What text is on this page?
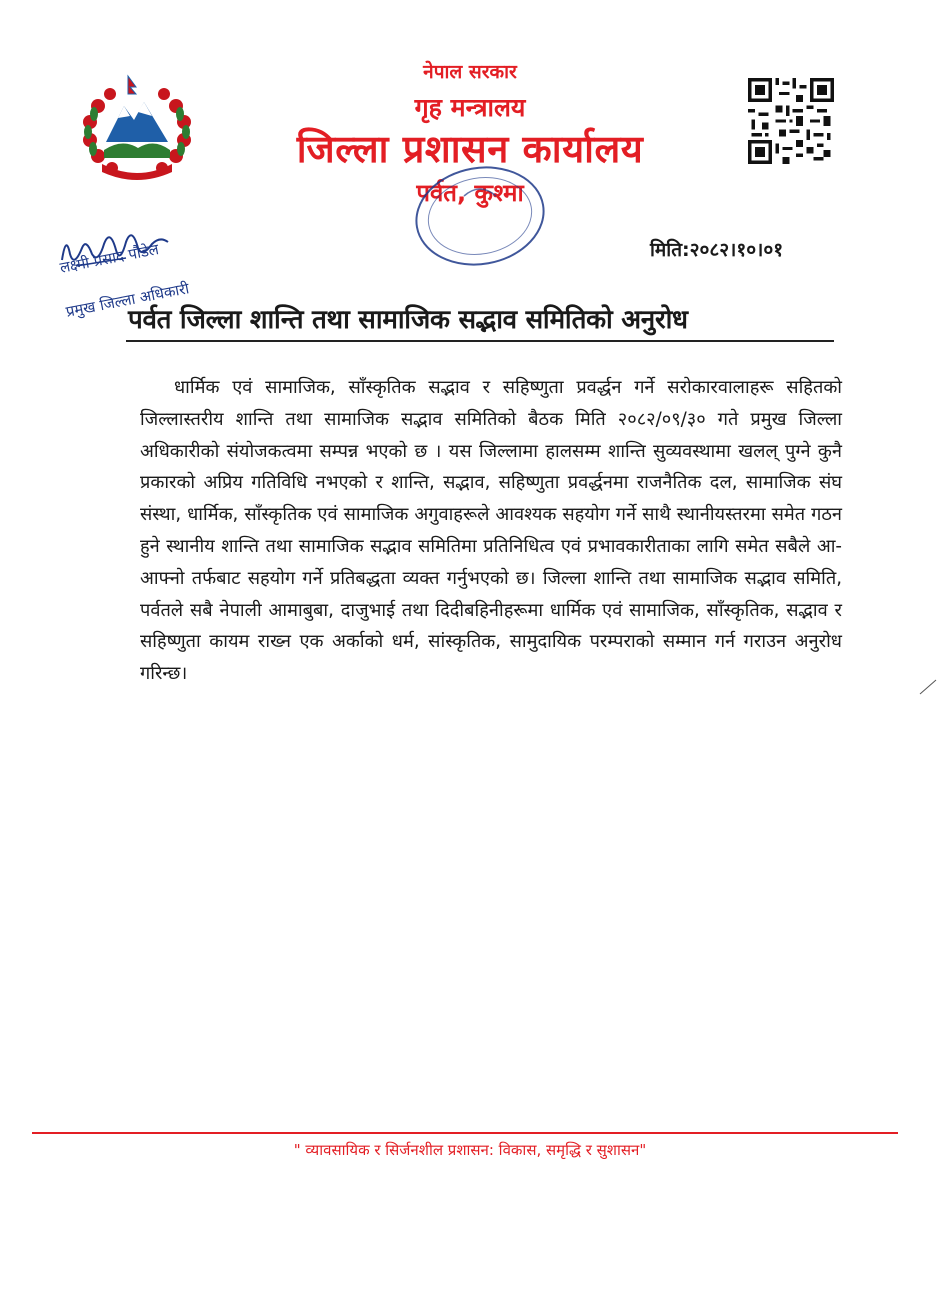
नेपाल सरकार
गृह मन्त्रालय
जिल्ला प्रशासन कार्यालय
पर्वत, कुश्मा
लक्ष्मी प्रसाद पौडेल
प्रमुख जिल्ला अधिकारी
मिति:२०८२।१०।०१
पर्वत जिल्ला शान्ति तथा सामाजिक सद्भाव समितिको अनुरोध

धार्मिक एवं सामाजिक, साँस्कृतिक सद्भाव र सहिष्णुता प्रवर्द्धन गर्ने सरोकारवालाहरू सहितको जिल्लास्तरीय शान्ति तथा सामाजिक सद्भाव समितिको बैठक मिति २०८२/०९/३० गते प्रमुख जिल्ला अधिकारीको संयोजकत्वमा सम्पन्न भएको छ । यस जिल्लामा हालसम्म शान्ति सुव्यवस्थामा खलल् पुग्ने कुनै प्रकारको अप्रिय गतिविधि नभएको र शान्ति, सद्भाव, सहिष्णुता प्रवर्द्धनमा राजनैतिक दल, सामाजिक संघ संस्था, धार्मिक, साँस्कृतिक एवं सामाजिक अगुवाहरूले आवश्यक सहयोग गर्ने साथै स्थानीयस्तरमा समेत गठन हुने स्थानीय शान्ति तथा सामाजिक सद्भाव समितिमा प्रतिनिधित्व एवं प्रभावकारीताका लागि समेत सबैले आ-आफ्नो तर्फबाट सहयोग गर्ने प्रतिबद्धता व्यक्त गर्नुभएको छ। जिल्ला शान्ति तथा सामाजिक सद्भाव समिति, पर्वतले सबै नेपाली आमाबुबा, दाजुभाई तथा दिदीबहिनीहरूमा धार्मिक एवं सामाजिक, साँस्कृतिक, सद्भाव र सहिष्णुता कायम राख्न एक अर्काको धर्म, सांस्कृतिक, सामुदायिक परम्पराको सम्मान गर्न गराउन अनुरोध गरिन्छ।

" व्यावसायिक र सिर्जनशील प्रशासन: विकास, समृद्धि र सुशासन"
